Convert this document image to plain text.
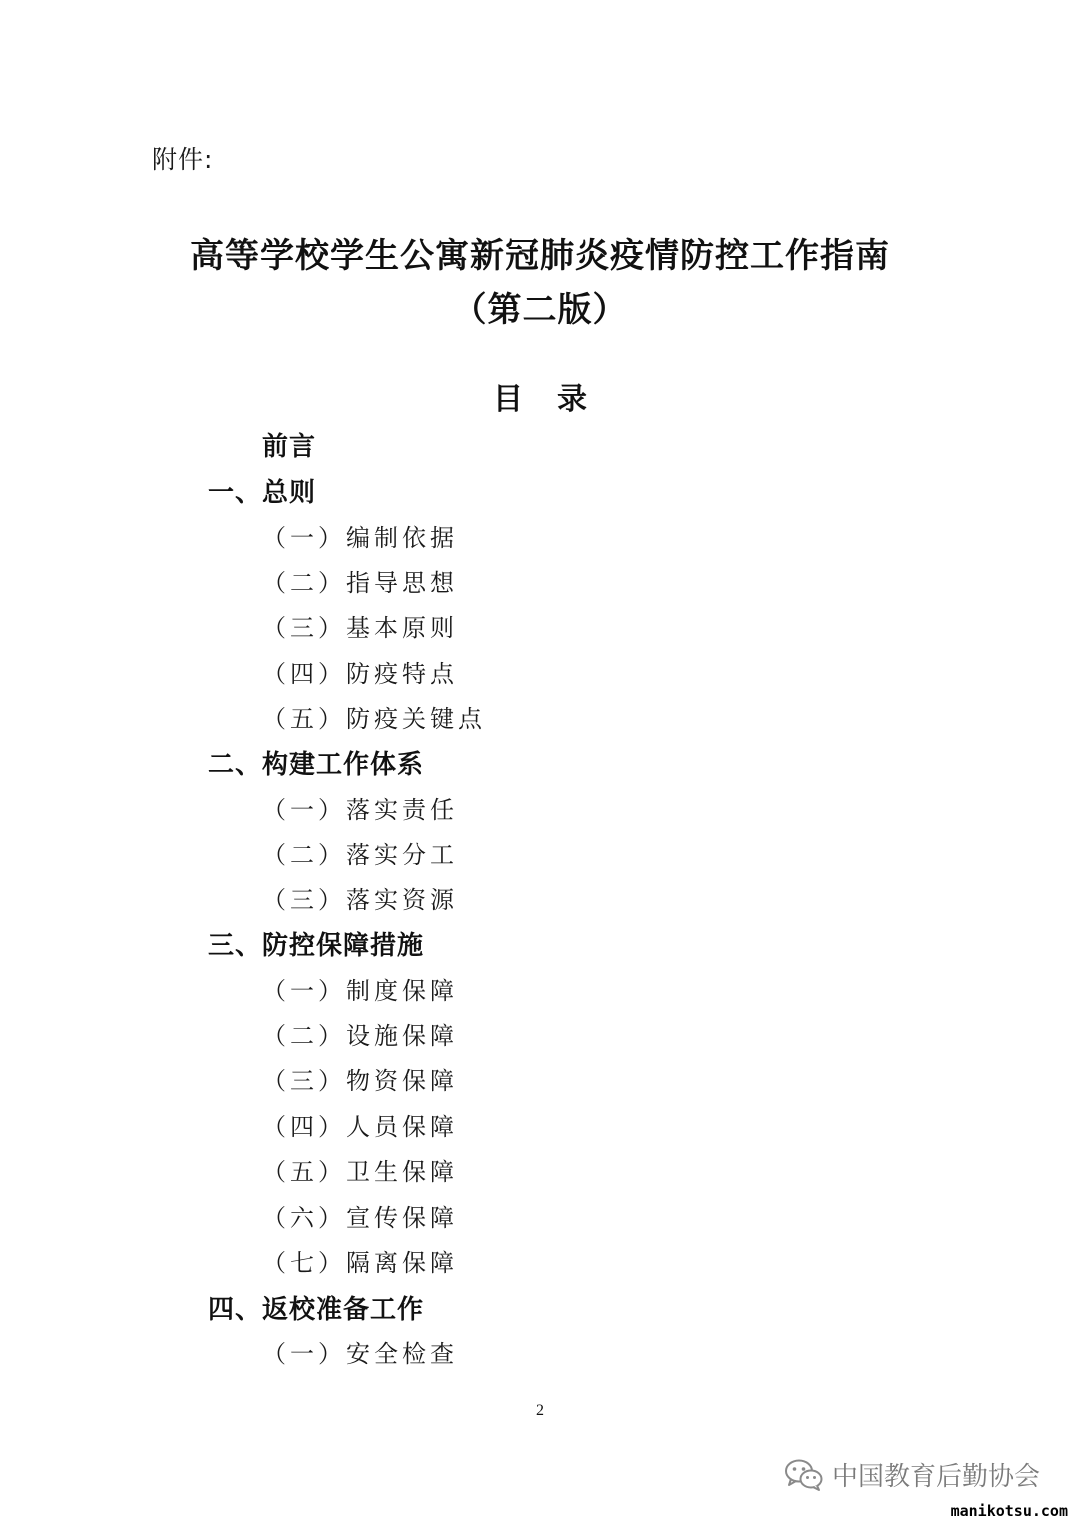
附件:
高等学校学生公寓新冠肺炎疫情防控工作指南
（第二版）
目 录
前言
一、总则
（一）编制依据
（二）指导思想
（三）基本原则
（四）防疫特点
（五）防疫关键点
二、构建工作体系
（一）落实责任
（二）落实分工
（三）落实资源
三、防控保障措施
（一）制度保障
（二）设施保障
（三）物资保障
（四）人员保障
（五）卫生保障
（六）宣传保障
（七）隔离保障
四、返校准备工作
（一）安全检查
2
中国教育后勤协会
manikotsu.com
